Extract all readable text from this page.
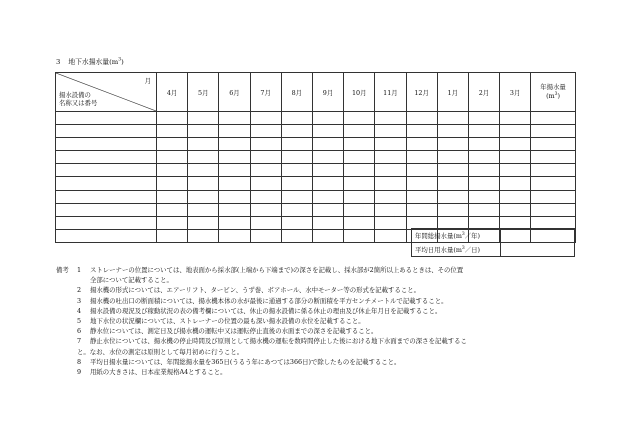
3 地下水揚水量$(m^3)$
月
揚水設備の
名称又は番号	4月	5月	6月	7月	8月	9月	10月	11月	12月	1月	2月	3月	年揚水量
$(m^3)$

年間総揚水量($m^3/$年)	
平均日用水量($m^3/$日)	
備考 1 ストレーナーの位置については、地表面から採水部(上端から下端まで)の深さを記載し、採水部が2箇所以上あるときは、その位置
全部について記載すること。
2 揚水機の形式については、エアーリフト、タービン、うず巻、ボアホール、水中モーター等の形式を記載すること。
3 揚水機の吐出口の断面積については、揚水機本体の水が最後に通過する部分の断面積を平方センチメートルで記載すること。
4 揚水設備の現況及び稼動状況の表の備考欄については、休止の揚水設備に係る休止の理由及び休止年月日を記載すること。
5 地下水位の状況欄については、ストレーナーの位置の最も深い揚水設備の水位を記載すること。
6 静水位については、測定日及び揚水機の運転中又は運転停止直後の水面までの深さを記載すること。
7 静止水位については、揚水機の停止時間及び原則として揚水機の運転を数時間停止した後における地下水面までの深さを記載するこ
と。なお、水位の測定は原則として毎月初めに行うこと。
8 平均日揚水量については、年間総揚水量を365日(うるう年にあつては366日)で除したものを記載すること。
9 用紙の大きさは、日本産業規格A4とすること。
